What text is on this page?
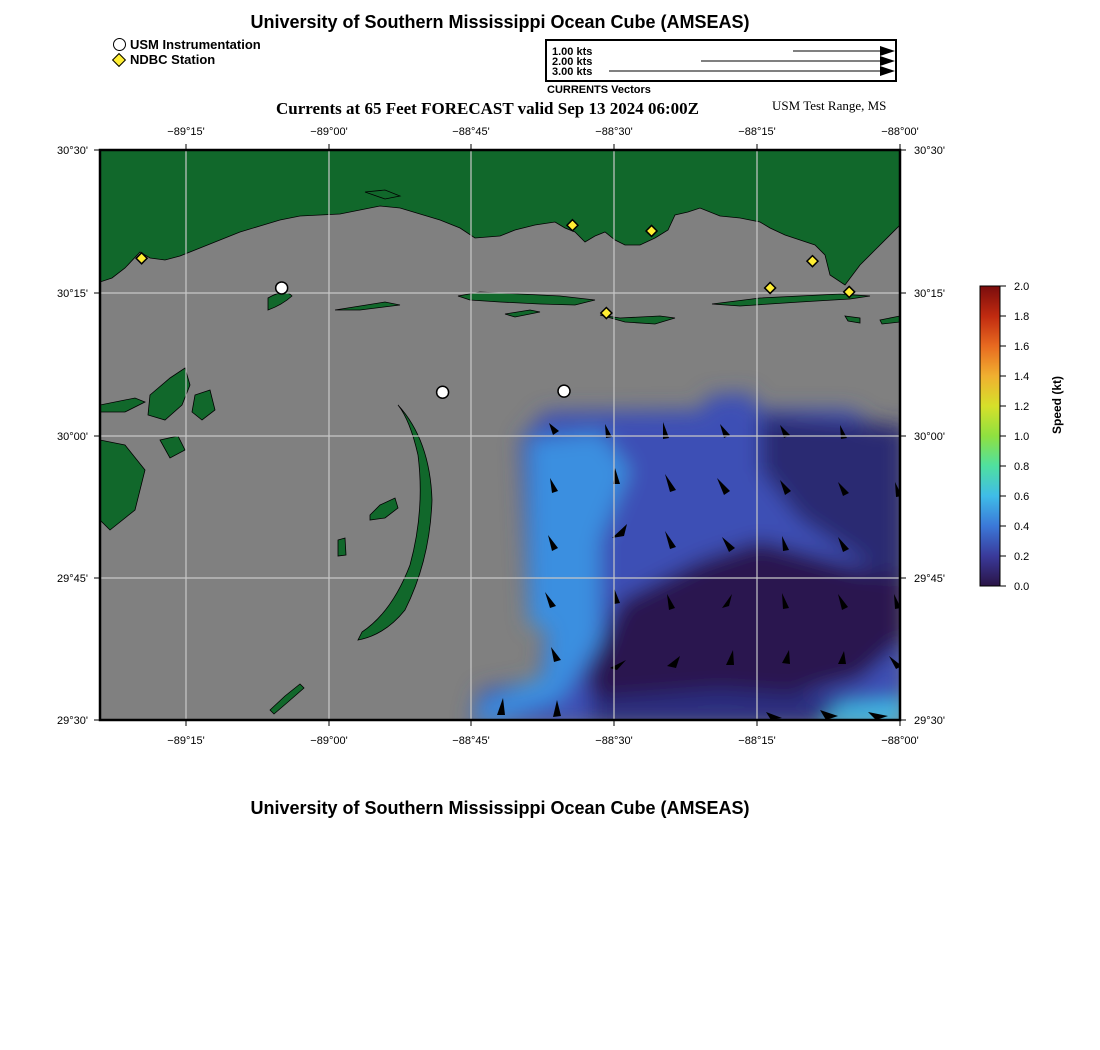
University of Southern Mississippi Ocean Cube (AMSEAS)
USM Instrumentation
NDBC Station	1.00 kts
2.00 kts
3.00 kts
CURRENTS Vectors
Currents at 65 Feet FORECAST valid Sep 13 2024 06:00Z	USM Test Range, MS
−89°15'	−89°00'	−88°45'	−88°30'	−88°15'	−88°00'
−89°15'	−89°00'	−88°45'	−88°30'	−88°15'	−88°00'
30°30'
30°15'
30°00'
29°45'
29°30'
30°30'
30°15'
30°00'
29°45'
29°30'
0.0
0.2
0.4
0.6
0.8
1.0
1.2
1.4
1.6
1.8
2.0
Speed (kt)
University of Southern Mississippi Ocean Cube (AMSEAS)
